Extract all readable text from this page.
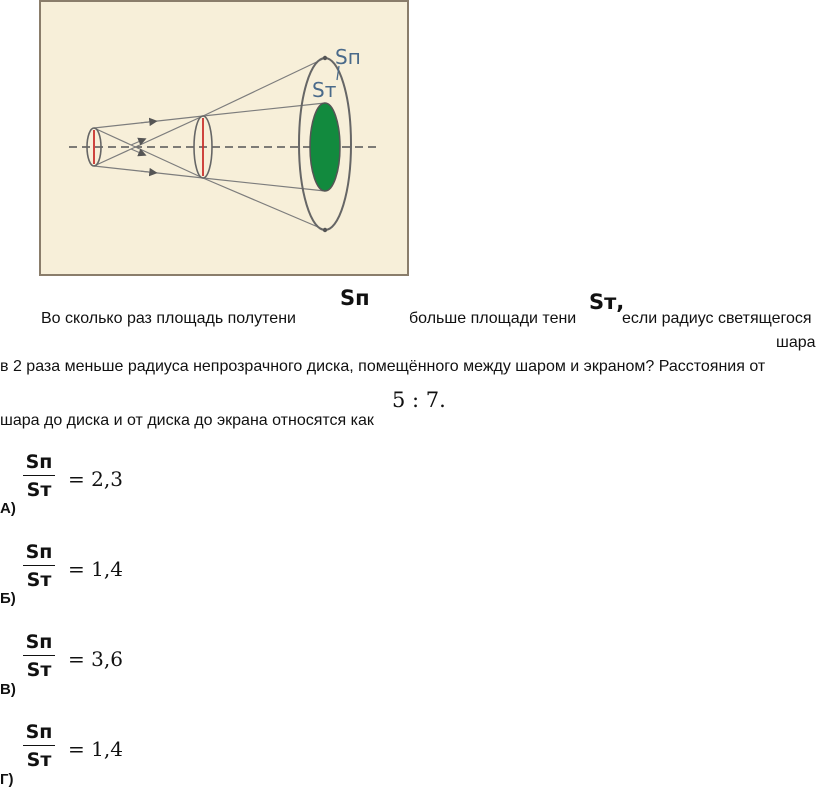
Sп
Sт
Во сколько раз площадь полутени
Sп
больше площади тени
Sт,
если радиус светящегося
шара
в 2 раза меньше радиуса непрозрачного диска, помещённого между шаром и экраном? Расстояния от
5 : 7.
шара до диска и от диска до экрана относятся как
А)
Sп
Sт = 2,3
Б)
Sп
Sт = 1,4
В)
Sп
Sт = 3,6
Г)
Sп
Sт = 1,4
